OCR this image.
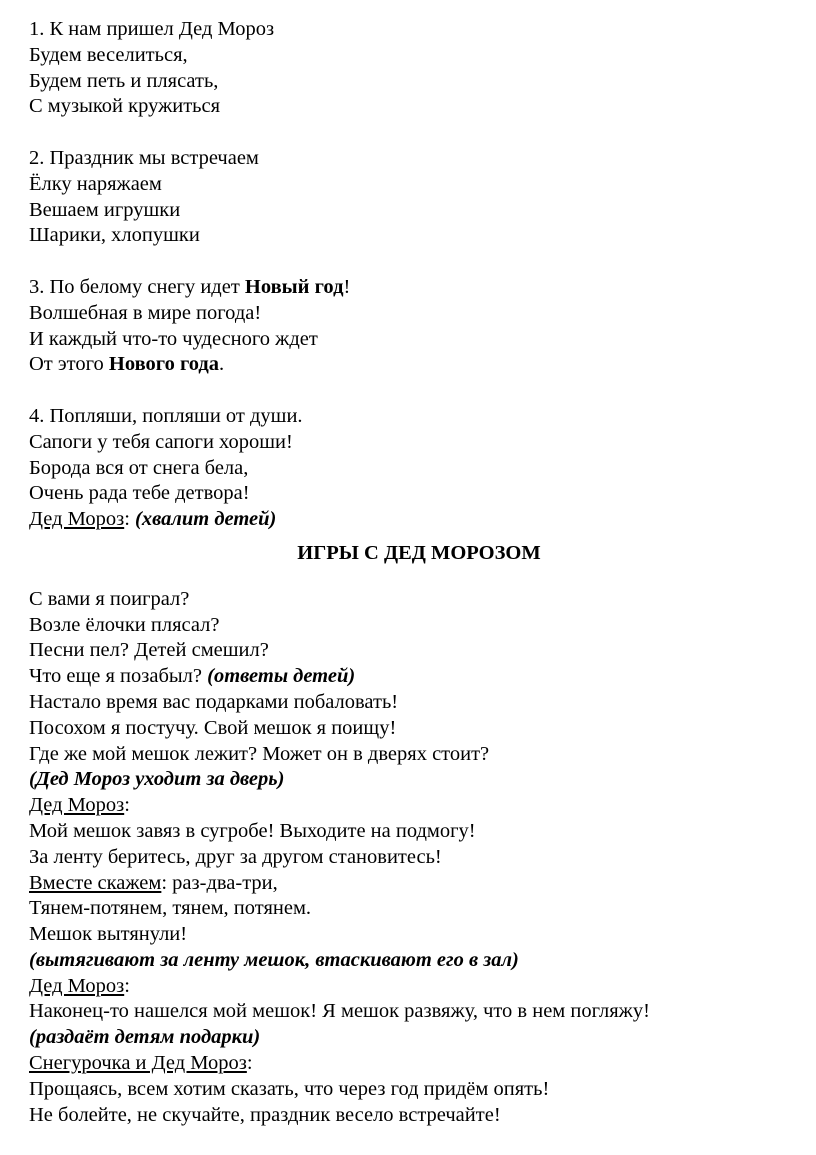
1. К нам пришел Дед Мороз
Будем веселиться,
Будем петь и плясать,
С музыкой кружиться
2. Праздник мы встречаем
Ёлку наряжаем
Вешаем игрушки
Шарики, хлопушки
3. По белому снегу идет Новый год!
Волшебная в мире погода!
И каждый что-то чудесного ждет
От этого Нового года.
4. Попляши, попляши от души.
Сапоги у тебя сапоги хороши!
Борода вся от снега бела,
Очень рада тебе детвора!
Дед Мороз: (хвалит детей)
ИГРЫ С ДЕД МОРОЗОМ
С вами я поиграл?
Возле ёлочки плясал?
Песни пел? Детей смешил?
Что еще я позабыл? (ответы детей)
Настало время вас подарками побаловать!
Посохом я постучу. Свой мешок я поищу!
Где же мой мешок лежит? Может он в дверях стоит?
(Дед Мороз уходит за дверь)
Дед Мороз:
Мой мешок завяз в сугробе! Выходите на подмогу!
За ленту беритесь, друг за другом становитесь!
Вместе скажем: раз-два-три,
Тянем-потянем, тянем, потянем.
Мешок вытянули!
(вытягивают за ленту мешок, втаскивают его в зал)
Дед Мороз:
Наконец-то нашелся мой мешок! Я мешок развяжу, что в нем погляжу!
(раздаёт детям подарки)
Снегурочка и Дед Мороз:
Прощаясь, всем хотим сказать, что через год придём опять!
Не болейте, не скучайте, праздник весело встречайте!
